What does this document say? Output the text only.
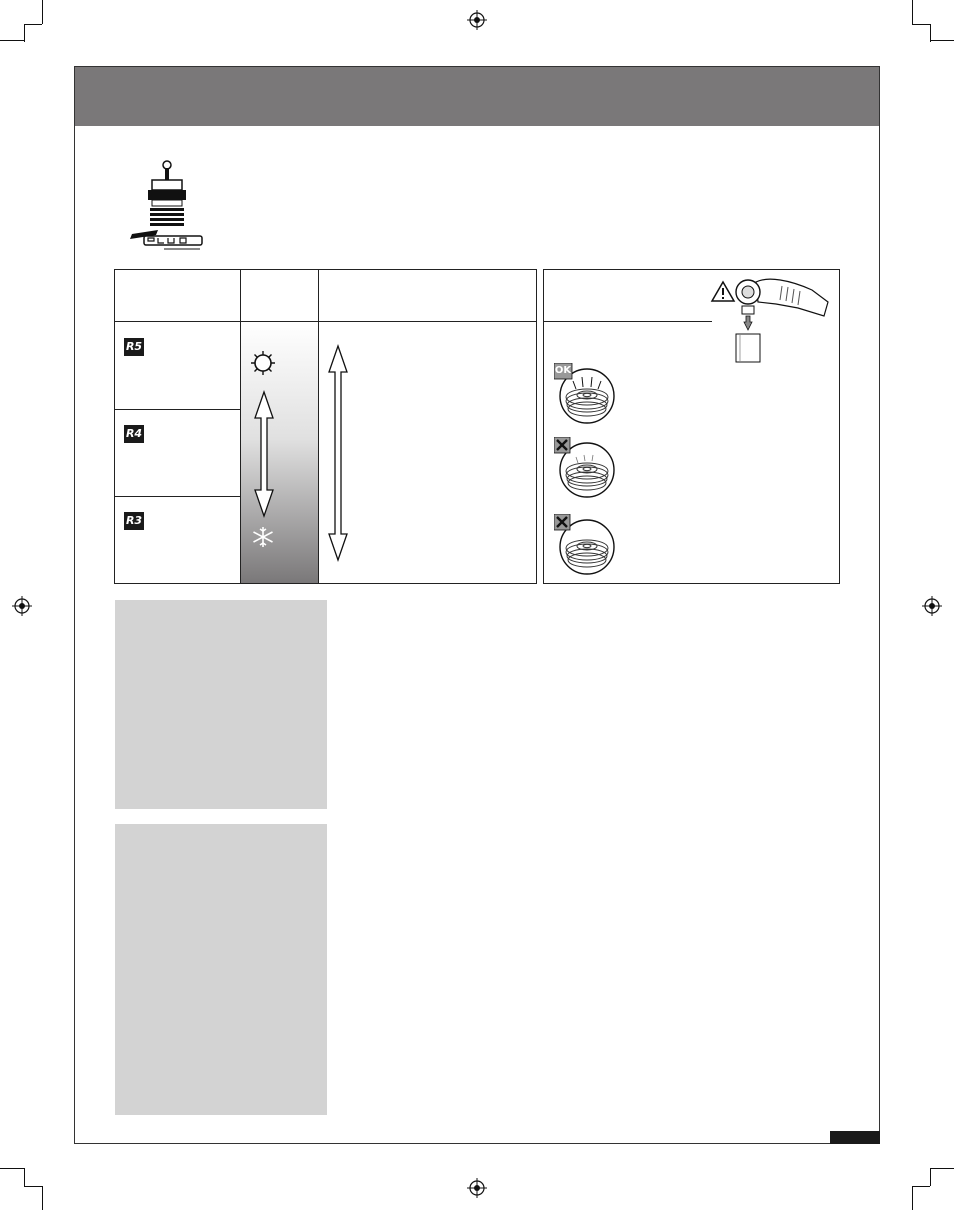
R5
R4
R3
OK
